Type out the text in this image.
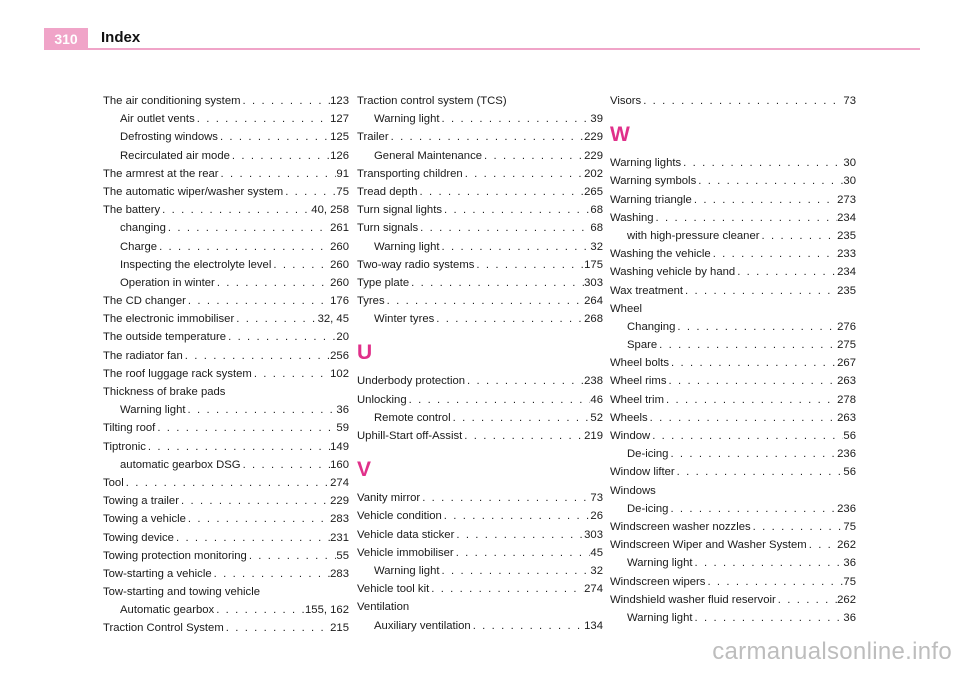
310	Index
The air conditioning system . . .	123
Air outlet vents . . .	127
Defrosting windows . . .	125
Recirculated air mode . . .	126
The armrest at the rear . . .	91
The automatic wiper/washer system . . .	75
The battery . . .	40, 258
changing . . .	261
Charge . . .	260
Inspecting the electrolyte level . . .	260
Operation in winter . . .	260
The CD changer . . .	176
The electronic immobiliser . . .	32, 45
The outside temperature . . .	20
The radiator fan . . .	256
The roof luggage rack system . . .	102
Thickness of brake pads
Warning light . . .	36
Tilting roof . . .	59
Tiptronic . . .	149
automatic gearbox DSG . . .	160
Tool . . .	274
Towing a trailer . . .	229
Towing a vehicle . . .	283
Towing device . . .	231
Towing protection monitoring . . .	55
Tow-starting a vehicle . . .	283
Tow-starting and towing vehicle
Automatic gearbox . . .	155, 162
Traction Control System . . .	215
Traction control system (TCS)
Warning light . . .	39
Trailer . . .	229
General Maintenance . . .	229
Transporting children . . .	202
Tread depth . . .	265
Turn signal lights . . .	68
Turn signals . . .	68
Warning light . . .	32
Two-way radio systems . . .	175
Type plate . . .	303
Tyres . . .	264
Winter tyres . . .	268
U
Underbody protection . . .	238
Unlocking . . .	46
Remote control . . .	52
Uphill-Start off-Assist . . .	219
V
Vanity mirror . . .	73
Vehicle condition . . .	26
Vehicle data sticker . . .	303
Vehicle immobiliser . . .	45
Warning light . . .	32
Vehicle tool kit . . .	274
Ventilation
Auxiliary ventilation . . .	134
Visors . . .	73
W
Warning lights . . .	30
Warning symbols . . .	30
Warning triangle . . .	273
Washing . . .	234
with high-pressure cleaner . . .	235
Washing the vehicle . . .	233
Washing vehicle by hand . . .	234
Wax treatment . . .	235
Wheel
Changing . . .	276
Spare . . .	275
Wheel bolts . . .	267
Wheel rims . . .	263
Wheel trim . . .	278
Wheels . . .	263
Window . . .	56
De-icing . . .	236
Window lifter . . .	56
Windows
De-icing . . .	236
Windscreen washer nozzles . . .	75
Windscreen Wiper and Washer System . . .	262
Warning light . . .	36
Windscreen wipers . . .	75
Windshield washer fluid reservoir . . .	262
Warning light . . .	36
carmanualsonline.info
